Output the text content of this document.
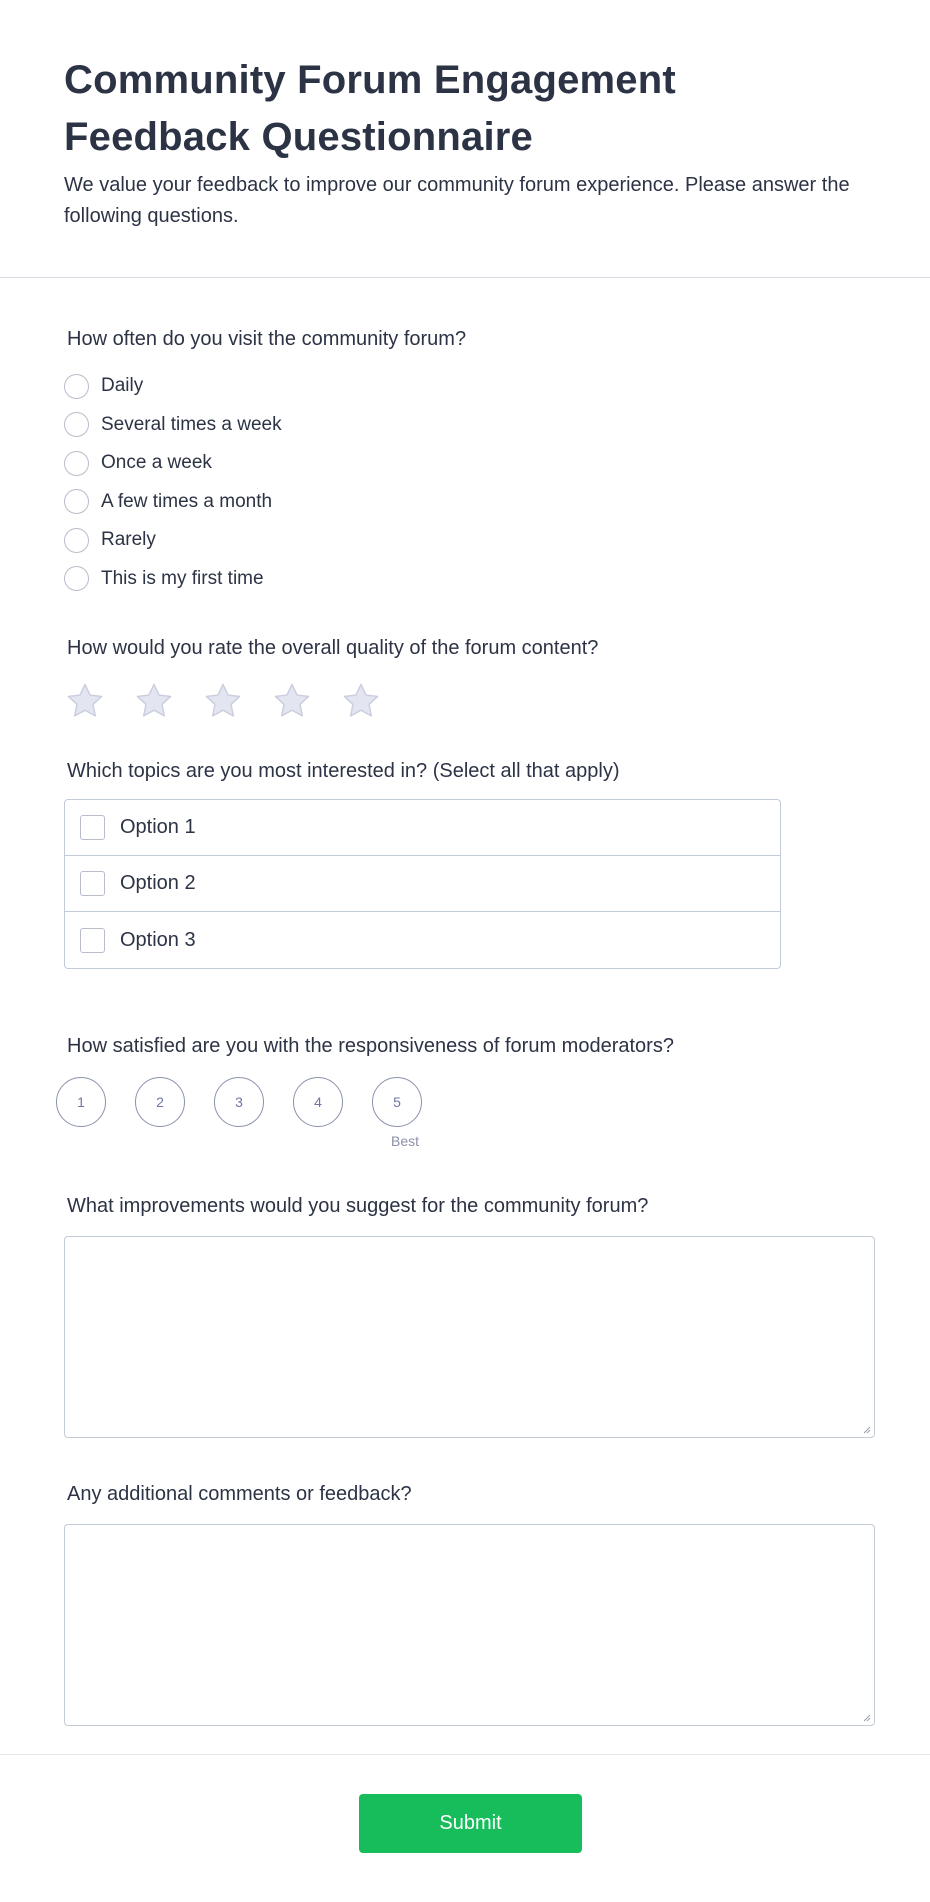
Community Forum Engagement Feedback Questionnaire
We value your feedback to improve our community forum experience. Please answer the following questions.
How often do you visit the community forum?
Daily
Several times a week
Once a week
A few times a month
Rarely
This is my first time
How would you rate the overall quality of the forum content?
Which topics are you most interested in? (Select all that apply)
Option 1
Option 2
Option 3
How satisfied are you with the responsiveness of forum moderators?
1	2	3	4	5
Best
What improvements would you suggest for the community forum?
Any additional comments or feedback?
Submit
